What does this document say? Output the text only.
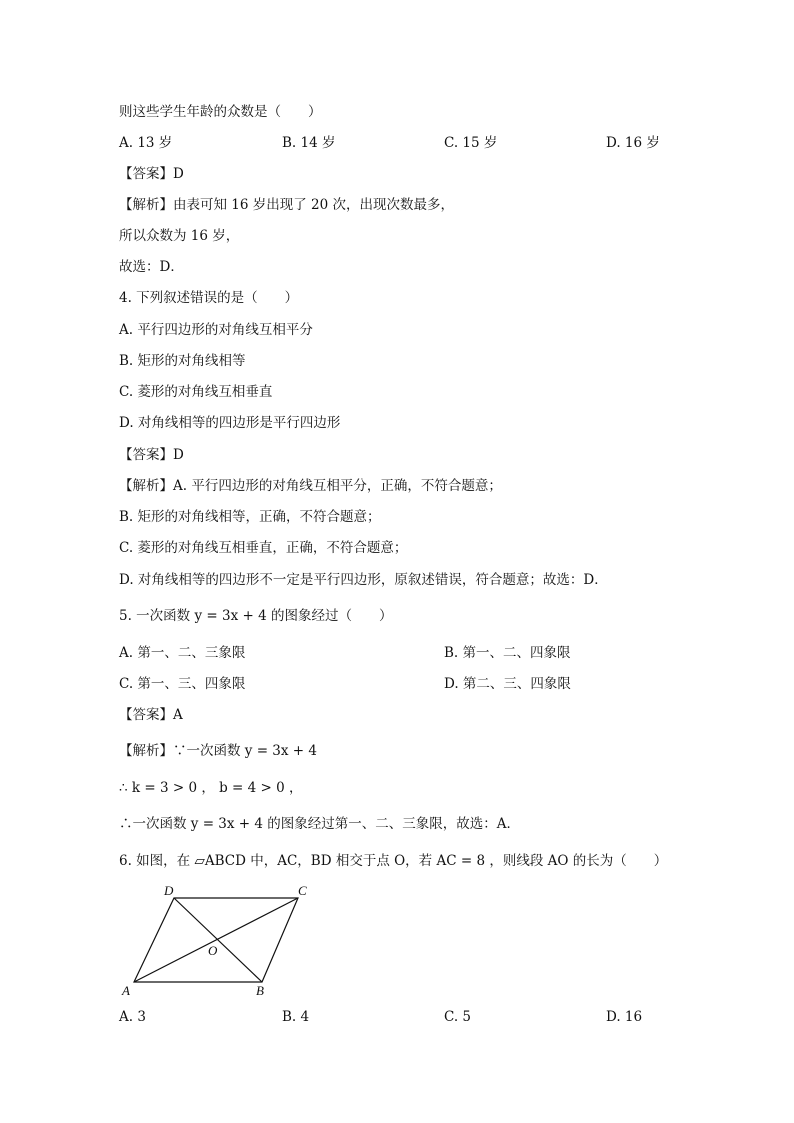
则这些学生年龄的众数是（　　）
A. 13 岁	B. 14 岁	C. 15 岁	D. 16 岁
【答案】D
【解析】由表可知 16 岁出现了 20 次，出现次数最多，
所以众数为 16 岁，
故选：D．
4. 下列叙述错误的是（　　）
A. 平行四边形的对角线互相平分
B. 矩形的对角线相等
C. 菱形的对角线互相垂直
D. 对角线相等的四边形是平行四边形
【答案】D
【解析】A. 平行四边形的对角线互相平分，正确，不符合题意；
B. 矩形的对角线相等，正确，不符合题意；
C. 菱形的对角线互相垂直，正确，不符合题意；
D. 对角线相等的四边形不一定是平行四边形，原叙述错误，符合题意；故选：D．
5. 一次函数 y = 3x + 4 的图象经过（　　）
A. 第一、二、三象限	B. 第一、二、四象限
C. 第一、三、四象限	D. 第二、三、四象限
【答案】A
【解析】∵一次函数 y = 3x + 4
∴ k = 3 > 0 ， b = 4 > 0 ，
∴一次函数 y = 3x + 4 的图象经过第一、二、三象限，故选：A．
6. 如图，在 ▱ABCD 中，AC，BD 相交于点 O，若 AC = 8 ，则线段 AO 的长为（　　）
A	B
C
D
O
A. 3	B. 4	C. 5	D. 16
